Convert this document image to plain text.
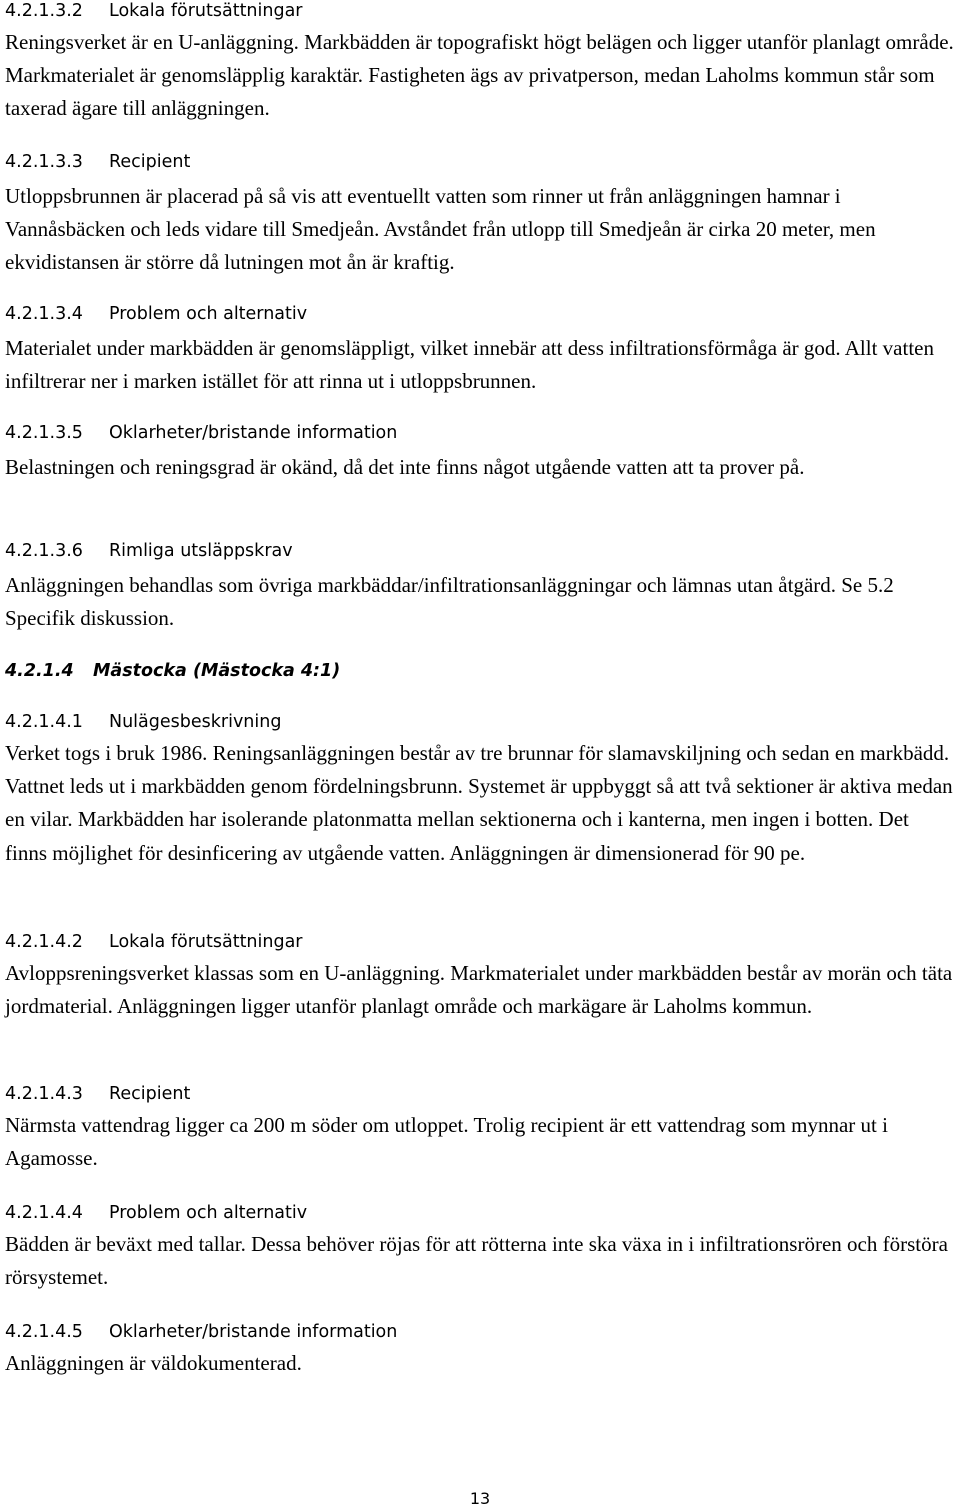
4.2.1.3.2 Lokala förutsättningar
Reningsverket är en U-anläggning. Markbädden är topografiskt högt belägen och ligger utanför planlagt område. Markmaterialet är genomsläpplig karaktär. Fastigheten ägs av privatperson, medan Laholms kommun står som taxerad ägare till anläggningen.
4.2.1.3.3 Recipient
Utloppsbrunnen är placerad på så vis att eventuellt vatten som rinner ut från anläggningen hamnar i Vannåsbäcken och leds vidare till Smedjeån. Avståndet från utlopp till Smedjeån är cirka 20 meter, men ekvidistansen är större då lutningen mot ån är kraftig.
4.2.1.3.4 Problem och alternativ
Materialet under markbädden är genomsläppligt, vilket innebär att dess infiltrationsförmåga är god. Allt vatten infiltrerar ner i marken istället för att rinna ut i utloppsbrunnen.
4.2.1.3.5 Oklarheter/bristande information
Belastningen och reningsgrad är okänd, då det inte finns något utgående vatten att ta prover på.
4.2.1.3.6 Rimliga utsläppskrav
Anläggningen behandlas som övriga markbäddar/infiltrationsanläggningar och lämnas utan åtgärd. Se 5.2 Specifik diskussion.
4.2.1.4 Mästocka (Mästocka 4:1)
4.2.1.4.1 Nulägesbeskrivning
Verket togs i bruk 1986. Reningsanläggningen består av tre brunnar för slamavskiljning och sedan en markbädd. Vattnet leds ut i markbädden genom fördelningsbrunn. Systemet är uppbyggt så att två sektioner är aktiva medan en vilar. Markbädden har isolerande platonmatta mellan sektionerna och i kanterna, men ingen i botten. Det finns möjlighet för desinficering av utgående vatten. Anläggningen är dimensionerad för 90 pe.
4.2.1.4.2 Lokala förutsättningar
Avloppsreningsverket klassas som en U-anläggning. Markmaterialet under markbädden består av morän och täta jordmaterial. Anläggningen ligger utanför planlagt område och markägare är Laholms kommun.
4.2.1.4.3 Recipient
Närmsta vattendrag ligger ca 200 m söder om utloppet. Trolig recipient är ett vattendrag som mynnar ut i Agamosse.
4.2.1.4.4 Problem och alternativ
Bädden är beväxt med tallar. Dessa behöver röjas för att rötterna inte ska växa in i infiltrationsrören och förstöra rörsystemet.
4.2.1.4.5 Oklarheter/bristande information
Anläggningen är väldokumenterad.
13
